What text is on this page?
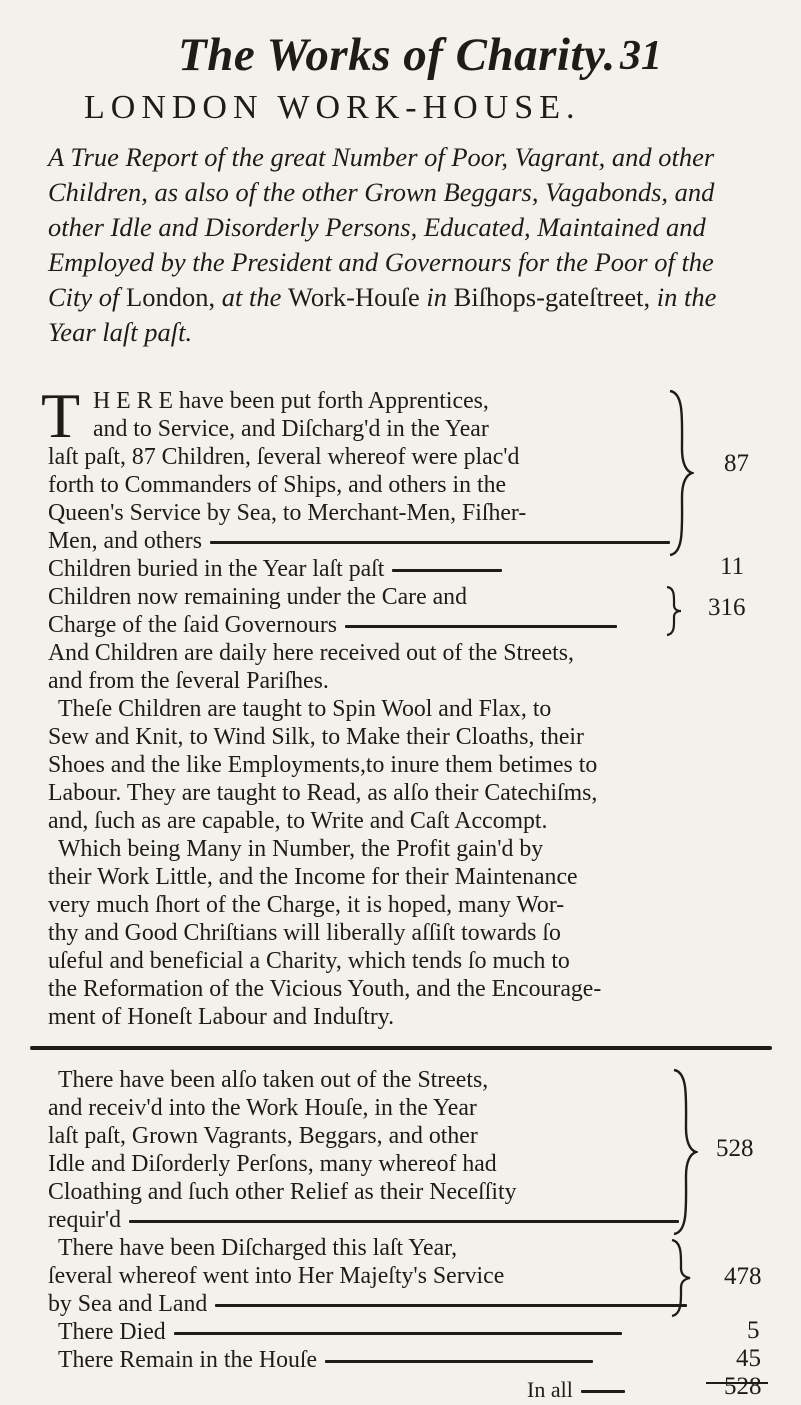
The Works of Charity. 31
LONDON WORK-HOUSE.

A True Report of the great Number of Poor, Vagrant, and other Children, as also of the other Grown Beggars, Vagabonds, and other Idle and Disorderly Persons, Educated, Maintained and Employed by the President and Governours for the Poor of the City of London, at the Work-Houſe in Biſhops-gateſtreet, in the Year laſt paſt.

T H E R E have been put forth Apprentices,
and to Service, and Diſcharg'd in the Year
laſt paſt, 87 Children, ſeveral whereof were plac'd
forth to Commanders of Ships, and others in the
Queen's Service by Sea, to Merchant-Men, Fiſher-
Men, and others
87
Children buried in the Year laſt paſt	11
Children now remaining under the Care and
Charge of the ſaid Governours
316
And Children are daily here received out of the Streets,
and from the ſeveral Pariſhes.
Theſe Children are taught to Spin Wool and Flax, to
Sew and Knit, to Wind Silk, to Make their Cloaths, their
Shoes and the like Employments,to inure them betimes to
Labour. They are taught to Read, as alſo their Catechiſms,
and, ſuch as are capable, to Write and Caſt Accompt.
Which being Many in Number, the Profit gain'd by
their Work Little, and the Income for their Maintenance
very much ſhort of the Charge, it is hoped, many Wor-
thy and Good Chriſtians will liberally aſſiſt towards ſo
uſeful and beneficial a Charity, which tends ſo much to
the Reformation of the Vicious Youth, and the Encourage-
ment of Honeſt Labour and Induſtry.
There have been alſo taken out of the Streets,
and receiv'd into the Work Houſe, in the Year
laſt paſt, Grown Vagrants, Beggars, and other
Idle and Diſorderly Perſons, many whereof had
Cloathing and ſuch other Relief as their Neceſſity
requir'd
528
There have been Diſcharged this laſt Year,
ſeveral whereof went into Her Majeſty's Service
by Sea and Land
478
There Died	5
There Remain in the Houſe	45
In all	528
